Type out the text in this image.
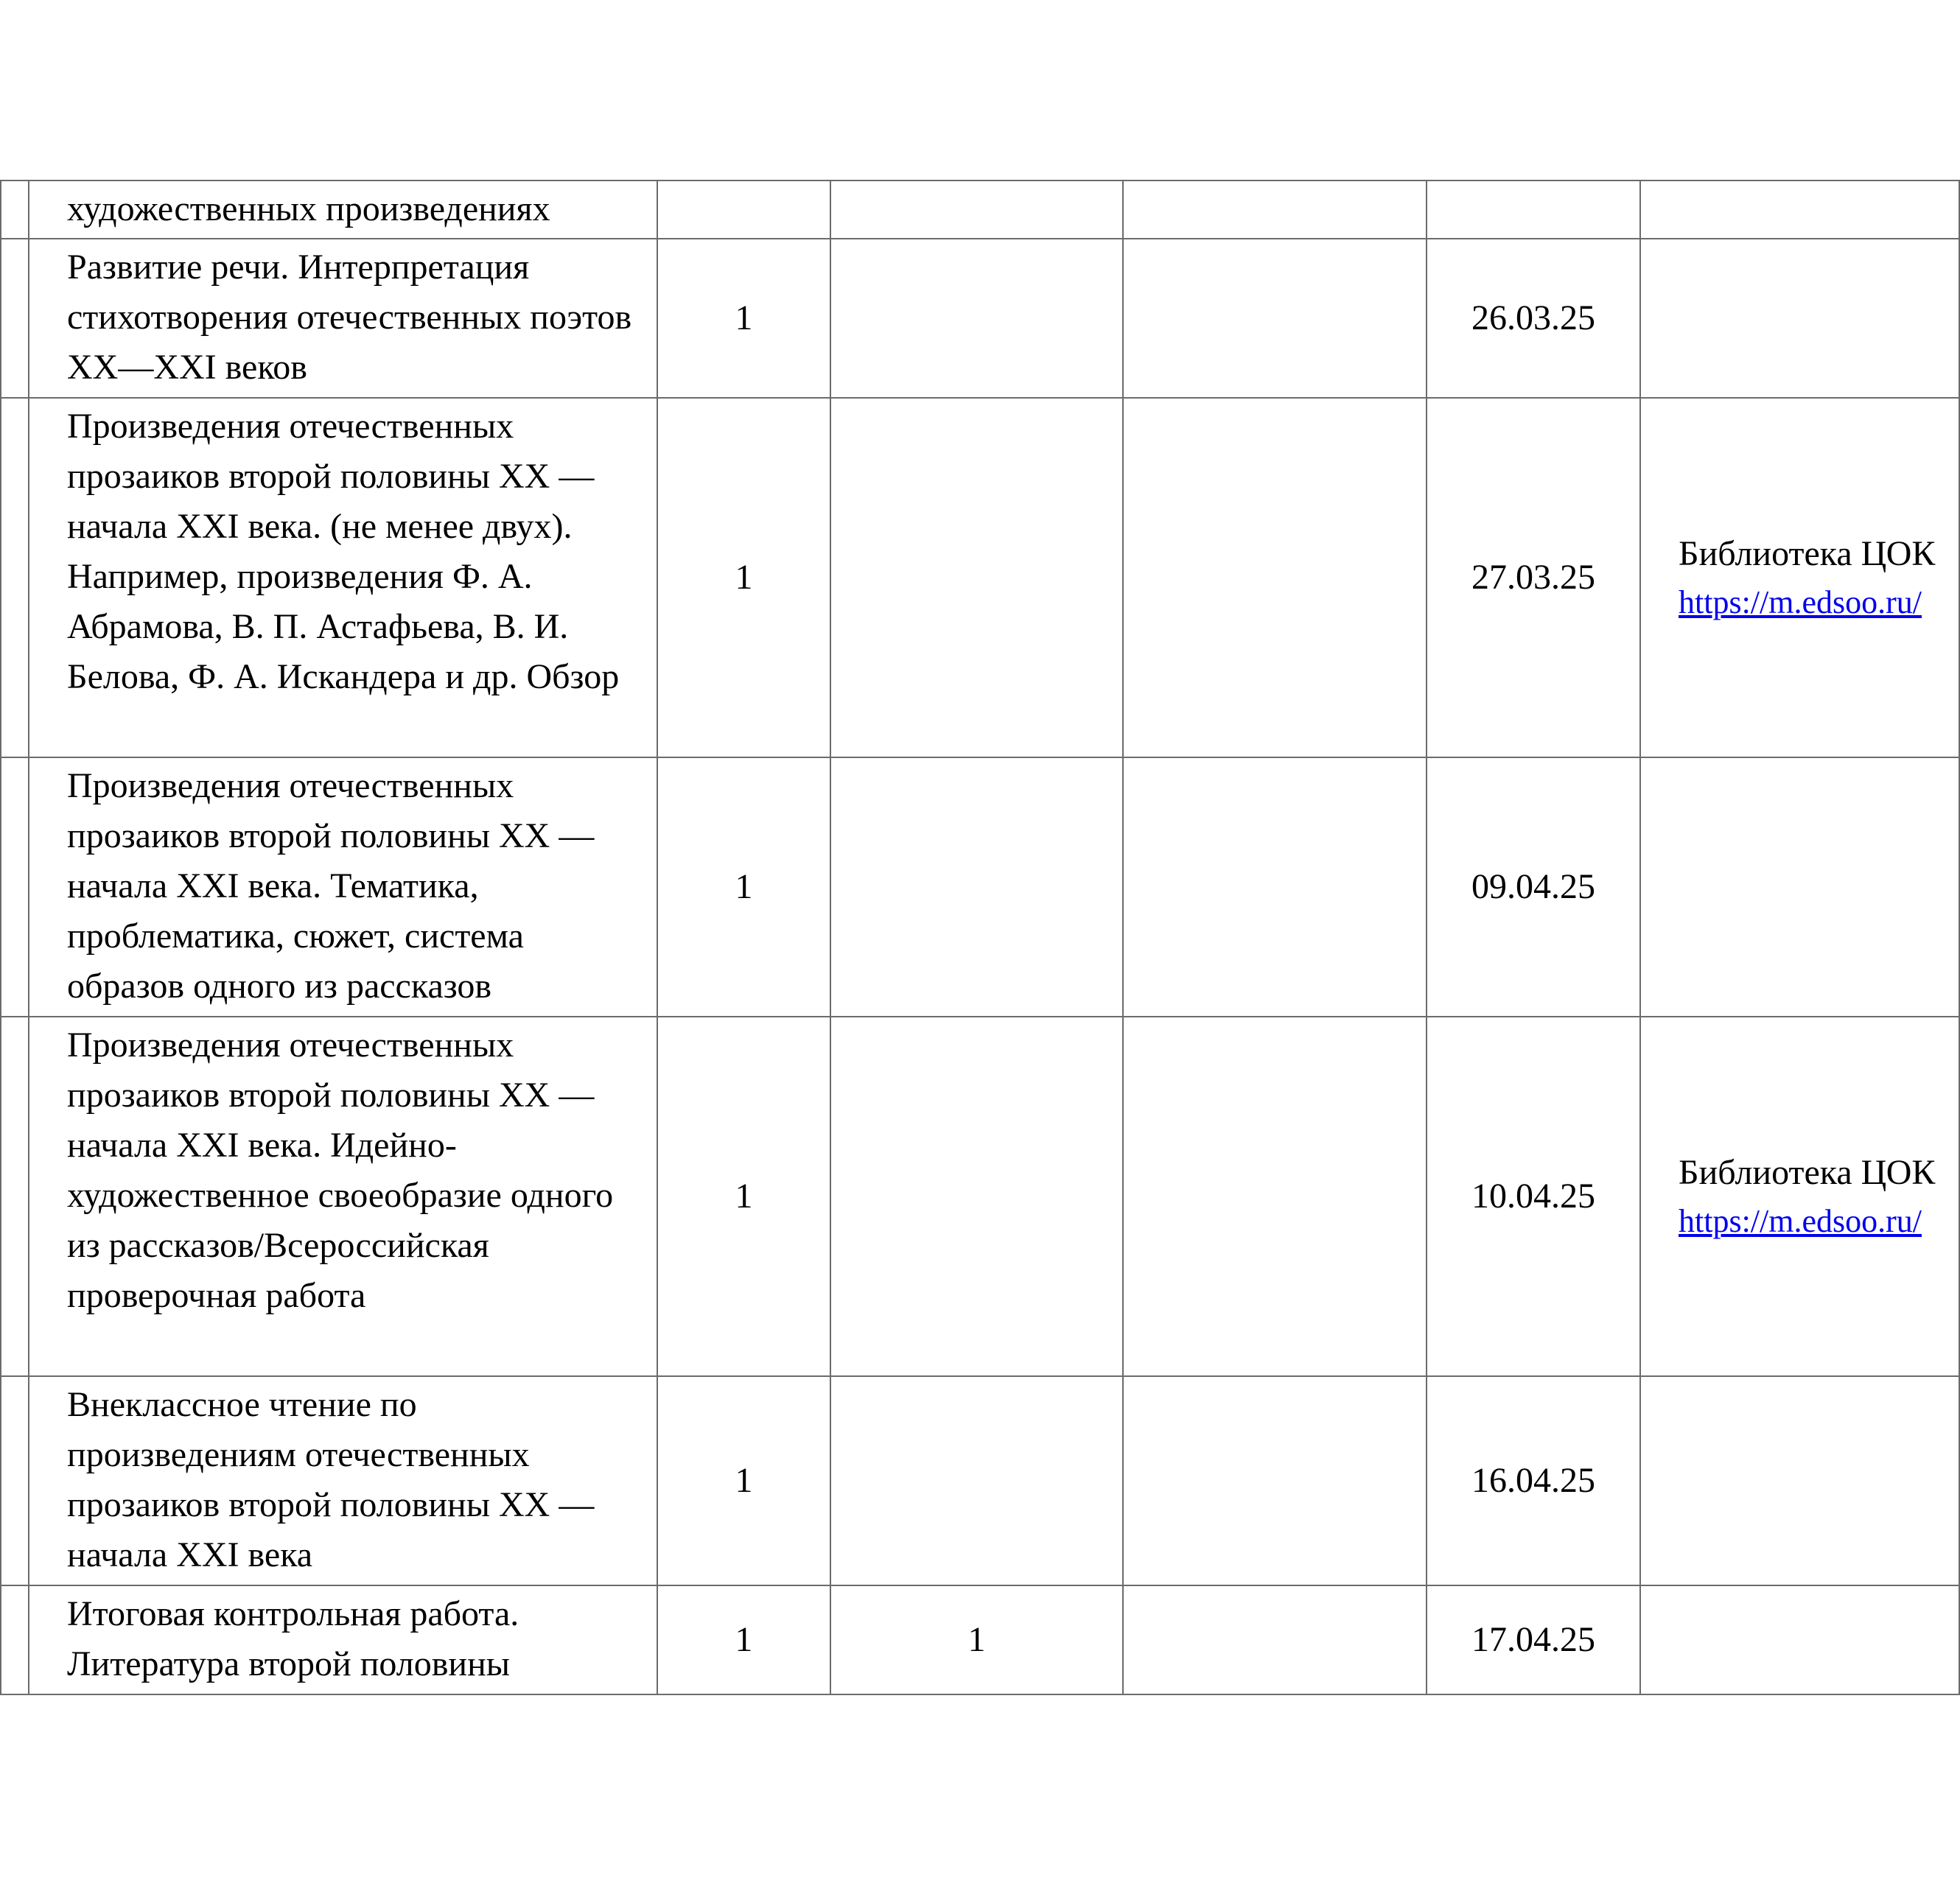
	художественных произведениях					

	Развитие речи. Интерпретация стихотворения отечественных поэтов XX—XXI веков	1			26.03.25	

	Произведения отечественных прозаиков второй половины XX — начала XXI века. (не менее двух). Например, произведения Ф. А. Абрамова, В. П. Астафьева, В. И. Белова, Ф. А. Искандера и др. Обзор	1			27.03.25	Библиотека ЦОК
https://m.edsoo.ru/

	Произведения отечественных прозаиков второй половины XX — начала XXI века. Тематика, проблематика, сюжет, система образов одного из рассказов	1			09.04.25	

	Произведения отечественных прозаиков второй половины XX — начала XXI века. Идейно-художественное своеобразие одного из рассказов/Всероссийская проверочная работа	1			10.04.25	Библиотека ЦОК
https://m.edsoo.ru/

	Внеклассное чтение по произведениям отечественных прозаиков второй половины XX — начала XXI века	1			16.04.25	

	Итоговая контрольная работа. Литература второй половины	1	1		17.04.25	
